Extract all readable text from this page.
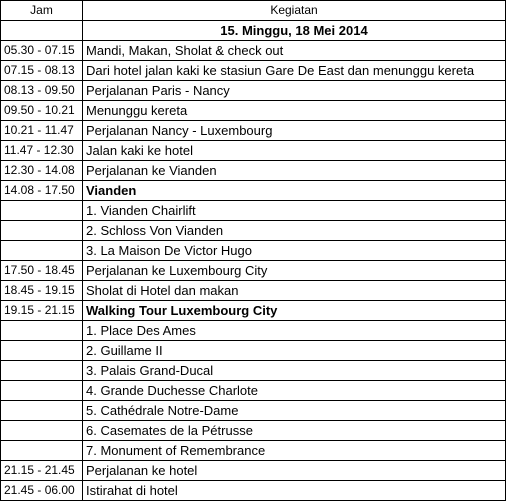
Jam	Kegiatan
	15. Minggu, 18 Mei 2014
05.30 - 07.15	Mandi, Makan, Sholat & check out
07.15 - 08.13	Dari hotel jalan kaki ke stasiun Gare De East dan menunggu kereta
08.13 - 09.50	Perjalanan Paris - Nancy
09.50 - 10.21	Menunggu kereta
10.21 - 11.47	Perjalanan Nancy - Luxembourg
11.47 - 12.30	Jalan kaki ke hotel
12.30 - 14.08	Perjalanan ke Vianden
14.08 - 17.50	Vianden
	1. Vianden Chairlift
	2. Schloss Von Vianden
	3. La Maison De Victor Hugo
17.50 - 18.45	Perjalanan ke Luxembourg City
18.45 - 19.15	Sholat di Hotel dan makan
19.15 - 21.15	Walking Tour Luxembourg City
	1. Place Des Ames
	2. Guillame II
	3. Palais Grand-Ducal
	4. Grande Duchesse Charlote
	5. Cathédrale Notre-Dame
	6. Casemates de la Pétrusse
	7. Monument of Remembrance
21.15 - 21.45	Perjalanan ke hotel
21.45 - 06.00	Istirahat di hotel
